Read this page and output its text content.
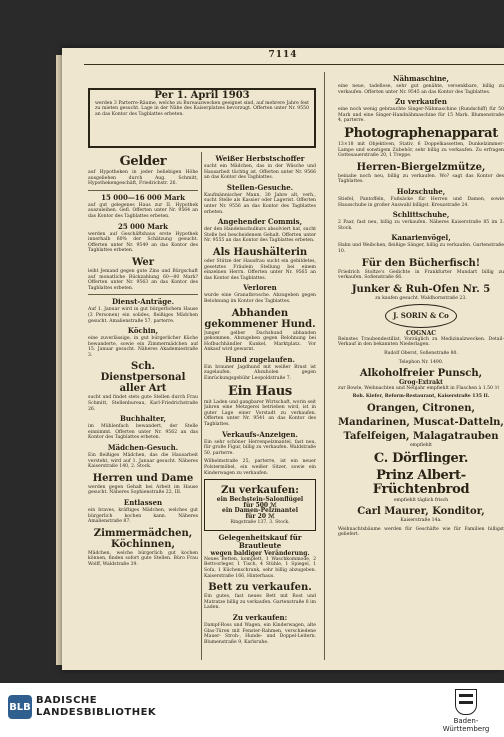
7114
Per 1. April 1903
werden 3 Parterre-Räume, welche zu Bureauzwecken geeignet sind, auf mehrere Jahre fest zu mieten gesucht. Lage in der Nähe des Kaiserplatzes bevorzugt. Offerten unter Nr. 9550 an das Kontor des Tagblattes erbeten.
Gelder
auf Hypotheken in jeder beliebigen Höhe ausgeliehen durch Aug. Schmitt, Hypothekengeschäft, Friedrichstr. 26.
15 000—16 000 Mark
auf gut gelegenes Haus zur II. Hypothek auszuleihen. Gefl. Offerten unter Nr. 9564 an das Kontor des Tagblattes erbeten.
25 000 Mark
werden auf Geschäftshaus erste Hypothek innerhalb 60% der Schätzung gesucht. Offerten unter Nr. 9549 an das Kontor des Tagblattes erbeten.
Wer
leiht Jemand gegen gute Zins und Bürgschaft auf monatliche Rückzahlung 60—80 Mark? Offerten unter Nr. 9563 an das Kontor des Tagblattes erbeten.
Dienst-Anträge.
Auf 1. Januar wird in gut bürgerlichem Hause (3 Personen) ein solides, fleißiges Mädchen gesucht. Amalienstraße 57, parterre.
Köchin,
eine zuverlässige, in gut bürgerlicher Küche bewanderte, sowie ein Zimmermädchen auf 15. Januar gesucht. Näheres Akademiestraße 3.
Sch. Dienstpersonal aller Art
sucht und findet stets gute Stellen durch Frau Schmitt, Stellenbureau, Karl-Friedrichstraße 26.
Buchhalter,
im Mühlenfach bewandert, der Stelle einnimmt. Offerten unter Nr. 9562 an das Kontor des Tagblattes erbeten.
Mädchen-Gesuch.
Ein fleißiges Mädchen, das die Hausarbeit versteht, wird auf 1. Januar gesucht. Näheres Kaiserstraße 140, 2. Stock.
Herren und Dame
werden gegen Gehalt bei Arbeit im Hause gesucht. Näheres Sophienstraße 22, III.
Entlassen
ein braves, kräftiges Mädchen, welches gut bürgerlich kochen kann. Näheres Amalienstraße 87.
Zimmermädchen, Köchinnen,
Mädchen, welche bürgerlich gut kochen können, finden sofort gute Stellen. Büro Frau Wolff, Waldstraße 39.
Weißer Herbstschoffer
sucht ein Mädchen, das in der Wäsche und Hausarbeit tüchtig ist. Offerten unter Nr. 9566 an das Kontor des Tagblattes.
Stellen-Gesuche.
Kaufmännischer Mann, 30 Jahre alt, verh., sucht Stelle als Kassier oder Lagerist. Offerten unter Nr. 9556 an das Kontor des Tagblattes erbeten.
Angehender Commis,
der den Handelsschulkurs absolviert hat, sucht Stelle bei bescheidenem Gehalt. Offerten unter Nr. 9555 an das Kontor des Tagblattes erbeten.
Als Haushälterin
oder Stütze der Hausfrau sucht ein gebildetes, gesetztes Fräulein Stellung bei einem einzelnen Herrn. Offerten unter Nr. 9565 an das Kontor des Tagblattes.
Verloren
wurde eine Granatbrosche. Abzugeben gegen Belohnung im Kontor des Tagblattes.
Abhanden gekommener Hund.
Junger gelber Dachshund abhanden gekommen. Abzugeben gegen Belohnung bei Hofbuchhändler Kunkel, Marktplatz. Vor Ankauf wird gewarnt.
Hund zugelaufen.
Ein brauner Jagdhund mit weißer Brust ist zugelaufen. Abzuholen gegen Einrückungsgebühr Leopoldstraße 7.
Ein Haus
mit Laden und gangbarer Wirtschaft, worin seit Jahren eine Metzgerei betrieben wird, ist in guter Lage einer Vorstadt zu verkaufen. Offerten unter Nr. 9541 an das Kontor des Tagblattes.
Verkaufs-Anzeigen.
Ein sehr schöner Herrenpelzmantel, fast neu, für große Figur, billig zu verkaufen. Waldstraße 50, parterre.
Wilhelmstraße 25, parterre, ist ein neuer Polstermöbel, ein weißer Sitzer, sowie ein Kinderwagen zu verkaufen.
Zu verkaufen:
ein Bechstein-Salonflügel
für 500 ℳ
ein Damen-Pelzmantel
für 20 ℳ
Ringstraße 137, 3. Stock.
Gelegenheitskauf für Brautleute
wegen baldiger Veränderung.
Neues Betten, komplett, 1 Waschkommode, 2 Bettvorleger, 1 Tisch, 4 Stühle, 1 Spiegel, 1 Sofa, 1 Küchenschrank, sehr billig abzugeben. Kaiserstraße 166, Hinterhaus.
Bett zu verkaufen.
Ein gutes, fast neues Bett mit Rost und Matratze billig zu verkaufen. Gartenstraße 8 im Laden.
Zu verkaufen:
Dampf-Ross und Wagen, ein Kinderwagen, alte Glas-Türen mit Fenster-Rahmen, verschiedene Mauer- Stroh-, Hunde- und Doppel-Leitern. Blumenstraße 9, Karlsruhe.
Nähmaschine,
eine neue, tadellose, sehr gut genähte, versenkbare, billig zu verkaufen. Offerten unter Nr. 9545 an das Kontor des Tagblattes.
Zu verkaufen
eine noch wenig gebrauchte Singer-Nähmaschine (Rundschiff) für 50 Mark und eine Singer-Handnähmaschine für 15 Mark. Blumenstraße 4, parterre.
Photographenapparat
13×18 mit Objektiven, Stativ, 6 Doppelkassetten, Dunkelzimmer-Lampe und sonstigem Zubehör, sehr billig zu verkaufen. Zu erfragen Gottesauerstraße 20, 1 Treppe.
Herren-Biergelzmütze,
beinahe noch neu, billig zu verkaufen. Wo? sagt das Kontor des Tagblattes.
Holzschuhe,
Stiefel, Pantoffeln, Fußsäcke für Herren und Damen, sowie Hausschuhe in großer Auswahl billigst. Kreuzstraße 24.
Schlittschuhe,
2 Paar, fast neu, billig zu verkaufen. Näheres Kaiserstraße 85 im 3. Stock.
Kanarienvögel,
Hahn und Weibchen, fleißige Sänger, billig zu verkaufen. Gartenstraße 10.
Für den Bücherfisch!
Friedrich Stoltze's Gedichte in Frankfurter Mundart billig zu verkaufen. Sofienstraße 66.
Junker & Ruh-Ofen Nr. 5
zu kaufen gesucht. Waldhornstraße 23.
J. SORIN & Co
COGNAC
Reinstes Traubendestillat. Vorzüglich zu Medizinalzwecken. Detail-Verkauf in den bekannten Niederlagen.
Rudolf Oberst, Sofienstraße 80.
Telephon Nr. 1490.
Alkoholfreier Punsch,
Grog-Extrakt
zur Bowle, Weihnachten und Neujahr empfiehlt in Flaschen à 1.50 ℳ
Rob. Kiefer, Reform-Restaurant, Kaiserstraße 135 II.
Orangen, Citronen,
Mandarinen, Muscat-Datteln,
Tafelfeigen, Malagatrauben
empfiehlt
C. Dörflinger.
Prinz Albert-Früchtenbrod
empfiehlt täglich frisch
Carl Maurer, Konditor,
Kaiserstraße 14a.
Weihnachtsbäume werden für Geschäfte wie für Familien billigst geliefert.
BLB
BADISCHE
LANDESBIBLIOTHEK
Baden-Württemberg
